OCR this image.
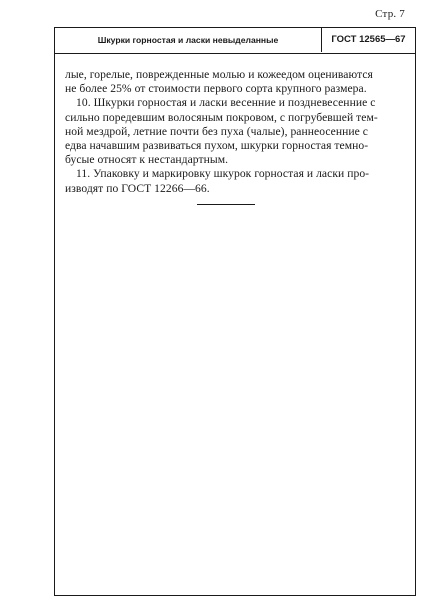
Стр. 7
Шкурки горностая и ласки невыделанные	ГОСТ 12565—67
лые, горелые, поврежденные молью и кожеедом оцениваются
не более 25% от стоимости первого сорта крупного размера.
10. Шкурки горностая и ласки весенние и поздневесенние с
сильно поредевшим волосяным покровом, с погрубевшей тем-
ной мездрой, летние почти без пуха (чалые), раннеосенние с
едва начавшим развиваться пухом, шкурки горностая темно-
бусые относят к нестандартным.
11. Упаковку и маркировку шкурок горностая и ласки про-
изводят по ГОСТ 12266—66.
